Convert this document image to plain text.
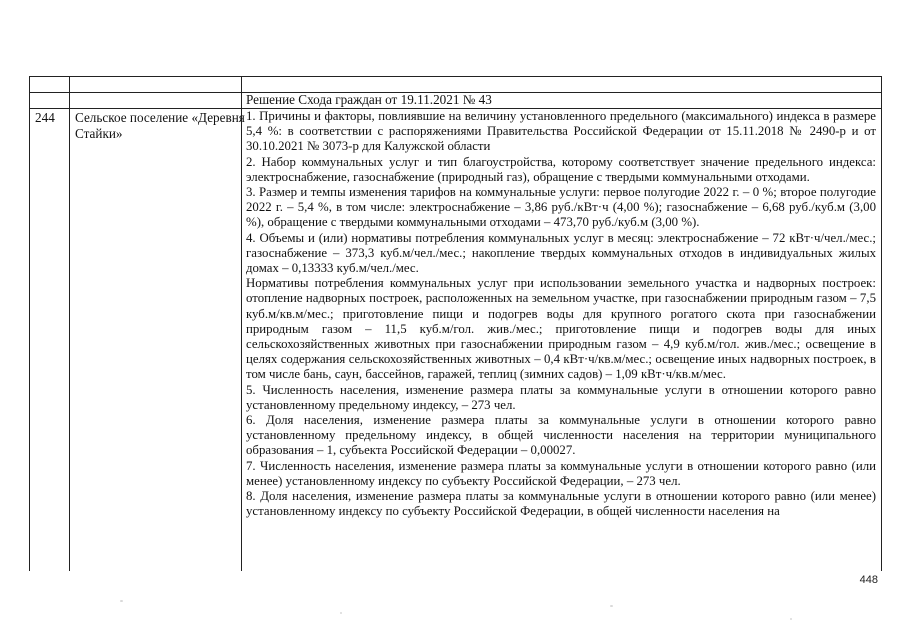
Решение Схода граждан от 19.11.2021 № 43
244 Сельское поселение «Деревня Стайки»

1. Причины и факторы, повлиявшие на величину установленного предельного (максимального) индекса в размере 5,4 %: в соответствии с распоряжениями Правительства Российской Федерации от 15.11.2018 № 2490-р и от 30.10.2021 № 3073-р для Калужской области

2. Набор коммунальных услуг и тип благоустройства, которому соответствует значение предельного индекса: электроснабжение, газоснабжение (природный газ), обращение с твердыми коммунальными отходами.

3. Размер и темпы изменения тарифов на коммунальные услуги: первое полугодие 2022 г. – 0 %; второе полугодие 2022 г. – 5,4 %, в том числе: электроснабжение – 3,86 руб./кВт·ч (4,00 %); газоснабжение – 6,68 руб./куб.м (3,00 %), обращение с твердыми коммунальными отходами – 473,70 руб./куб.м (3,00 %).

4. Объемы и (или) нормативы потребления коммунальных услуг в месяц: электроснабжение – 72 кВт·ч/чел./мес.; газоснабжение – 373,3 куб.м/чел./мес.; накопление твердых коммунальных отходов в индивидуальных жилых домах – 0,13333 куб.м/чел./мес.

Нормативы потребления коммунальных услуг при использовании земельного участка и надворных построек: отопление надворных построек, расположенных на земельном участке, при газоснабжении природным газом – 7,5 куб.м/кв.м/мес.; приготовление пищи и подогрев воды для крупного рогатого скота при газоснабжении природным газом – 11,5 куб.м/гол. жив./мес.; приготовление пищи и подогрев воды для иных сельскохозяйственных животных при газоснабжении природным газом – 4,9 куб.м/гол. жив./мес.; освещение в целях содержания сельскохозяйственных животных – 0,4 кВт·ч/кв.м/мес.; освещение иных надворных построек, в том числе бань, саун, бассейнов, гаражей, теплиц (зимних садов) – 1,09 кВт·ч/кв.м/мес.

5. Численность населения, изменение размера платы за коммунальные услуги в отношении которого равно установленному предельному индексу, – 273 чел.

6. Доля населения, изменение размера платы за коммунальные услуги в отношении которого равно установленному предельному индексу, в общей численности населения на территории муниципального образования – 1, субъекта Российской Федерации – 0,00027.

7. Численность населения, изменение размера платы за коммунальные услуги в отношении которого равно (или менее) установленному индексу по субъекту Российской Федерации, – 273 чел.

8. Доля населения, изменение размера платы за коммунальные услуги в отношении которого равно (или менее) установленному индексу по субъекту Российской Федерации, в общей численности населения на

448
